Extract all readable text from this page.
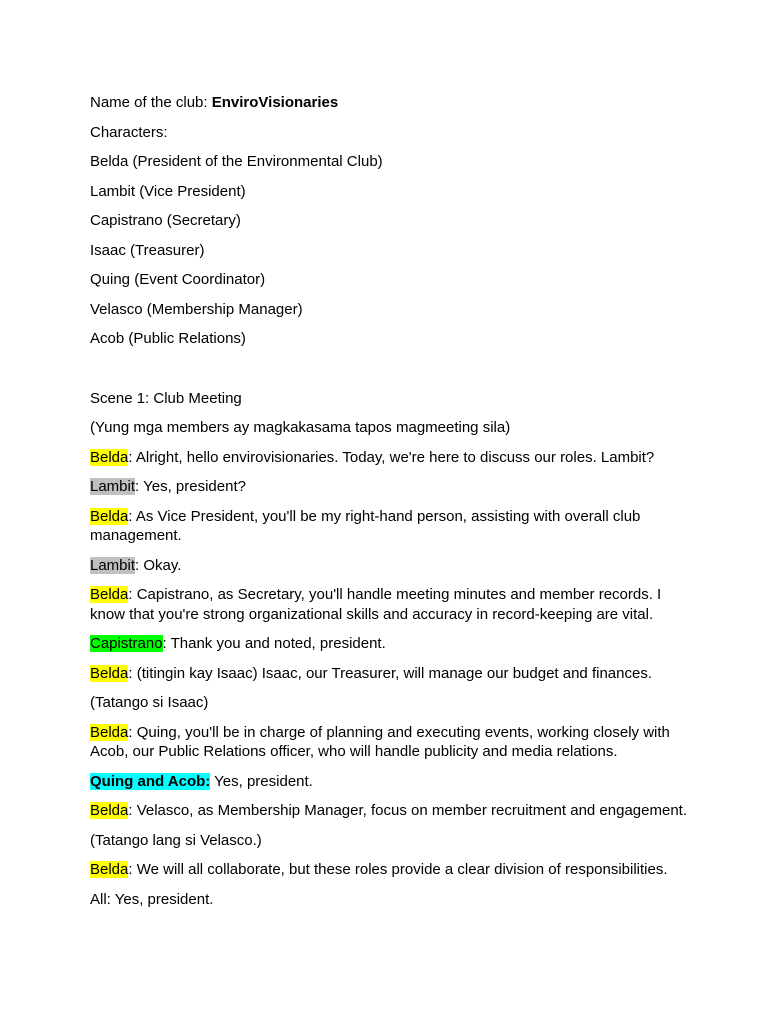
Name of the club: EnviroVisionaries

Characters:

Belda (President of the Environmental Club)

Lambit (Vice President)

Capistrano (Secretary)

Isaac (Treasurer)

Quing (Event Coordinator)

Velasco (Membership Manager)

Acob (Public Relations)

Scene 1: Club Meeting

(Yung mga members ay magkakasama tapos magmeeting sila)

Belda: Alright, hello envirovisionaries. Today, we're here to discuss our roles. Lambit?

Lambit: Yes, president?

Belda: As Vice President, you'll be my right-hand person, assisting with overall club management.

Lambit: Okay.

Belda: Capistrano, as Secretary, you'll handle meeting minutes and member records. I know that you're strong organizational skills and accuracy in record-keeping are vital.

Capistrano: Thank you and noted, president.

Belda: (titingin kay Isaac) Isaac, our Treasurer, will manage our budget and finances.

(Tatango si Isaac)

Belda: Quing, you'll be in charge of planning and executing events, working closely with Acob, our Public Relations officer, who will handle publicity and media relations.

Quing and Acob: Yes, president.

Belda: Velasco, as Membership Manager, focus on member recruitment and engagement.

(Tatango lang si Velasco.)

Belda: We will all collaborate, but these roles provide a clear division of responsibilities.

All: Yes, president.
